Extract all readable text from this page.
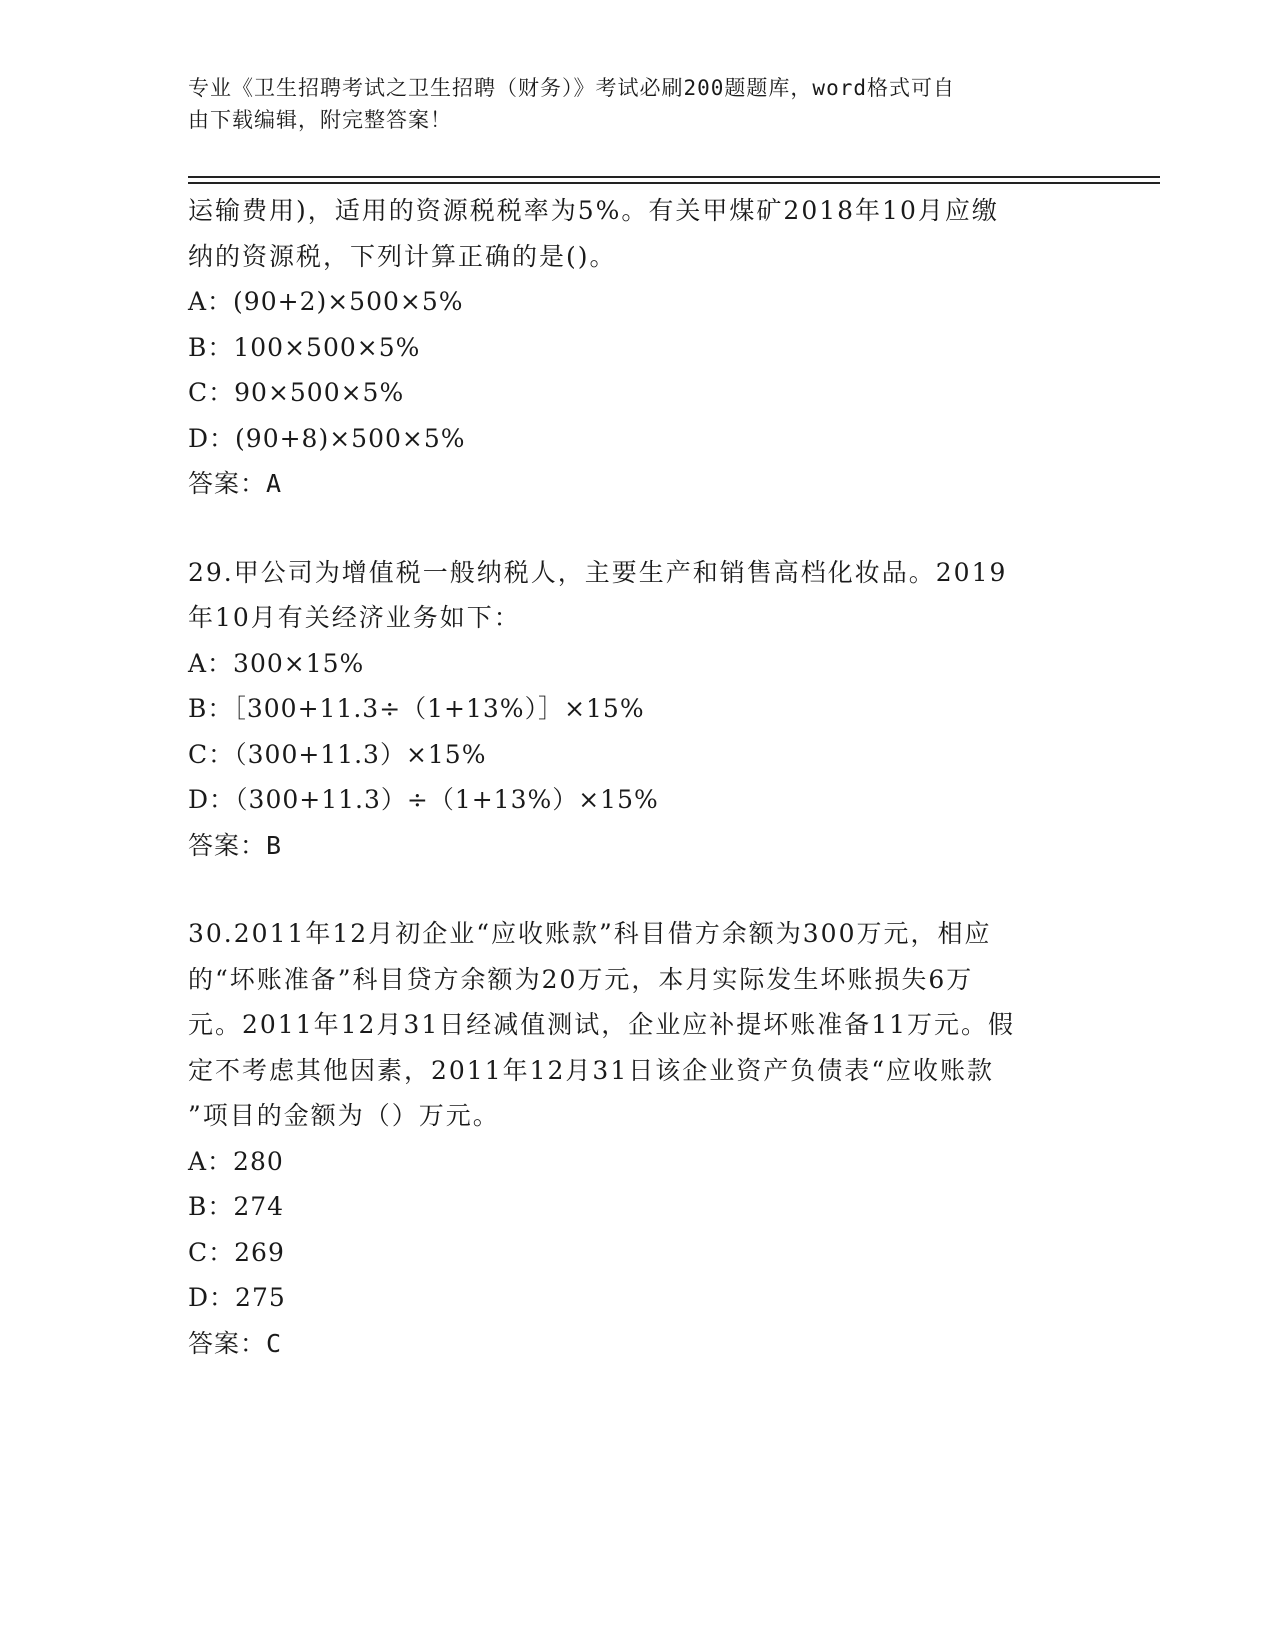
专业《卫生招聘考试之卫生招聘（财务）》考试必刷200题题库，word格式可自
由下载编辑，附完整答案！

运输费用)，适用的资源税税率为5%。有关甲煤矿2018年10月应缴

纳的资源税，下列计算正确的是()。

A：(90+2)×500×5%

B：100×500×5%

C：90×500×5%

D：(90+8)×500×5%

答案：A

29.甲公司为增值税一般纳税人，主要生产和销售高档化妆品。2019

年10月有关经济业务如下：

A：300×15%

B：［300+11.3÷（1+13%）］×15%

C：（300+11.3）×15%

D：（300+11.3）÷（1+13%）×15%

答案：B

30.2011年12月初企业“应收账款”科目借方余额为300万元，相应

的“坏账准备”科目贷方余额为20万元，本月实际发生坏账损失6万

元。2011年12月31日经减值测试，企业应补提坏账准备11万元。假

定不考虑其他因素，2011年12月31日该企业资产负债表“应收账款

”项目的金额为（）万元。

A：280

B：274

C：269

D：275

答案：C
